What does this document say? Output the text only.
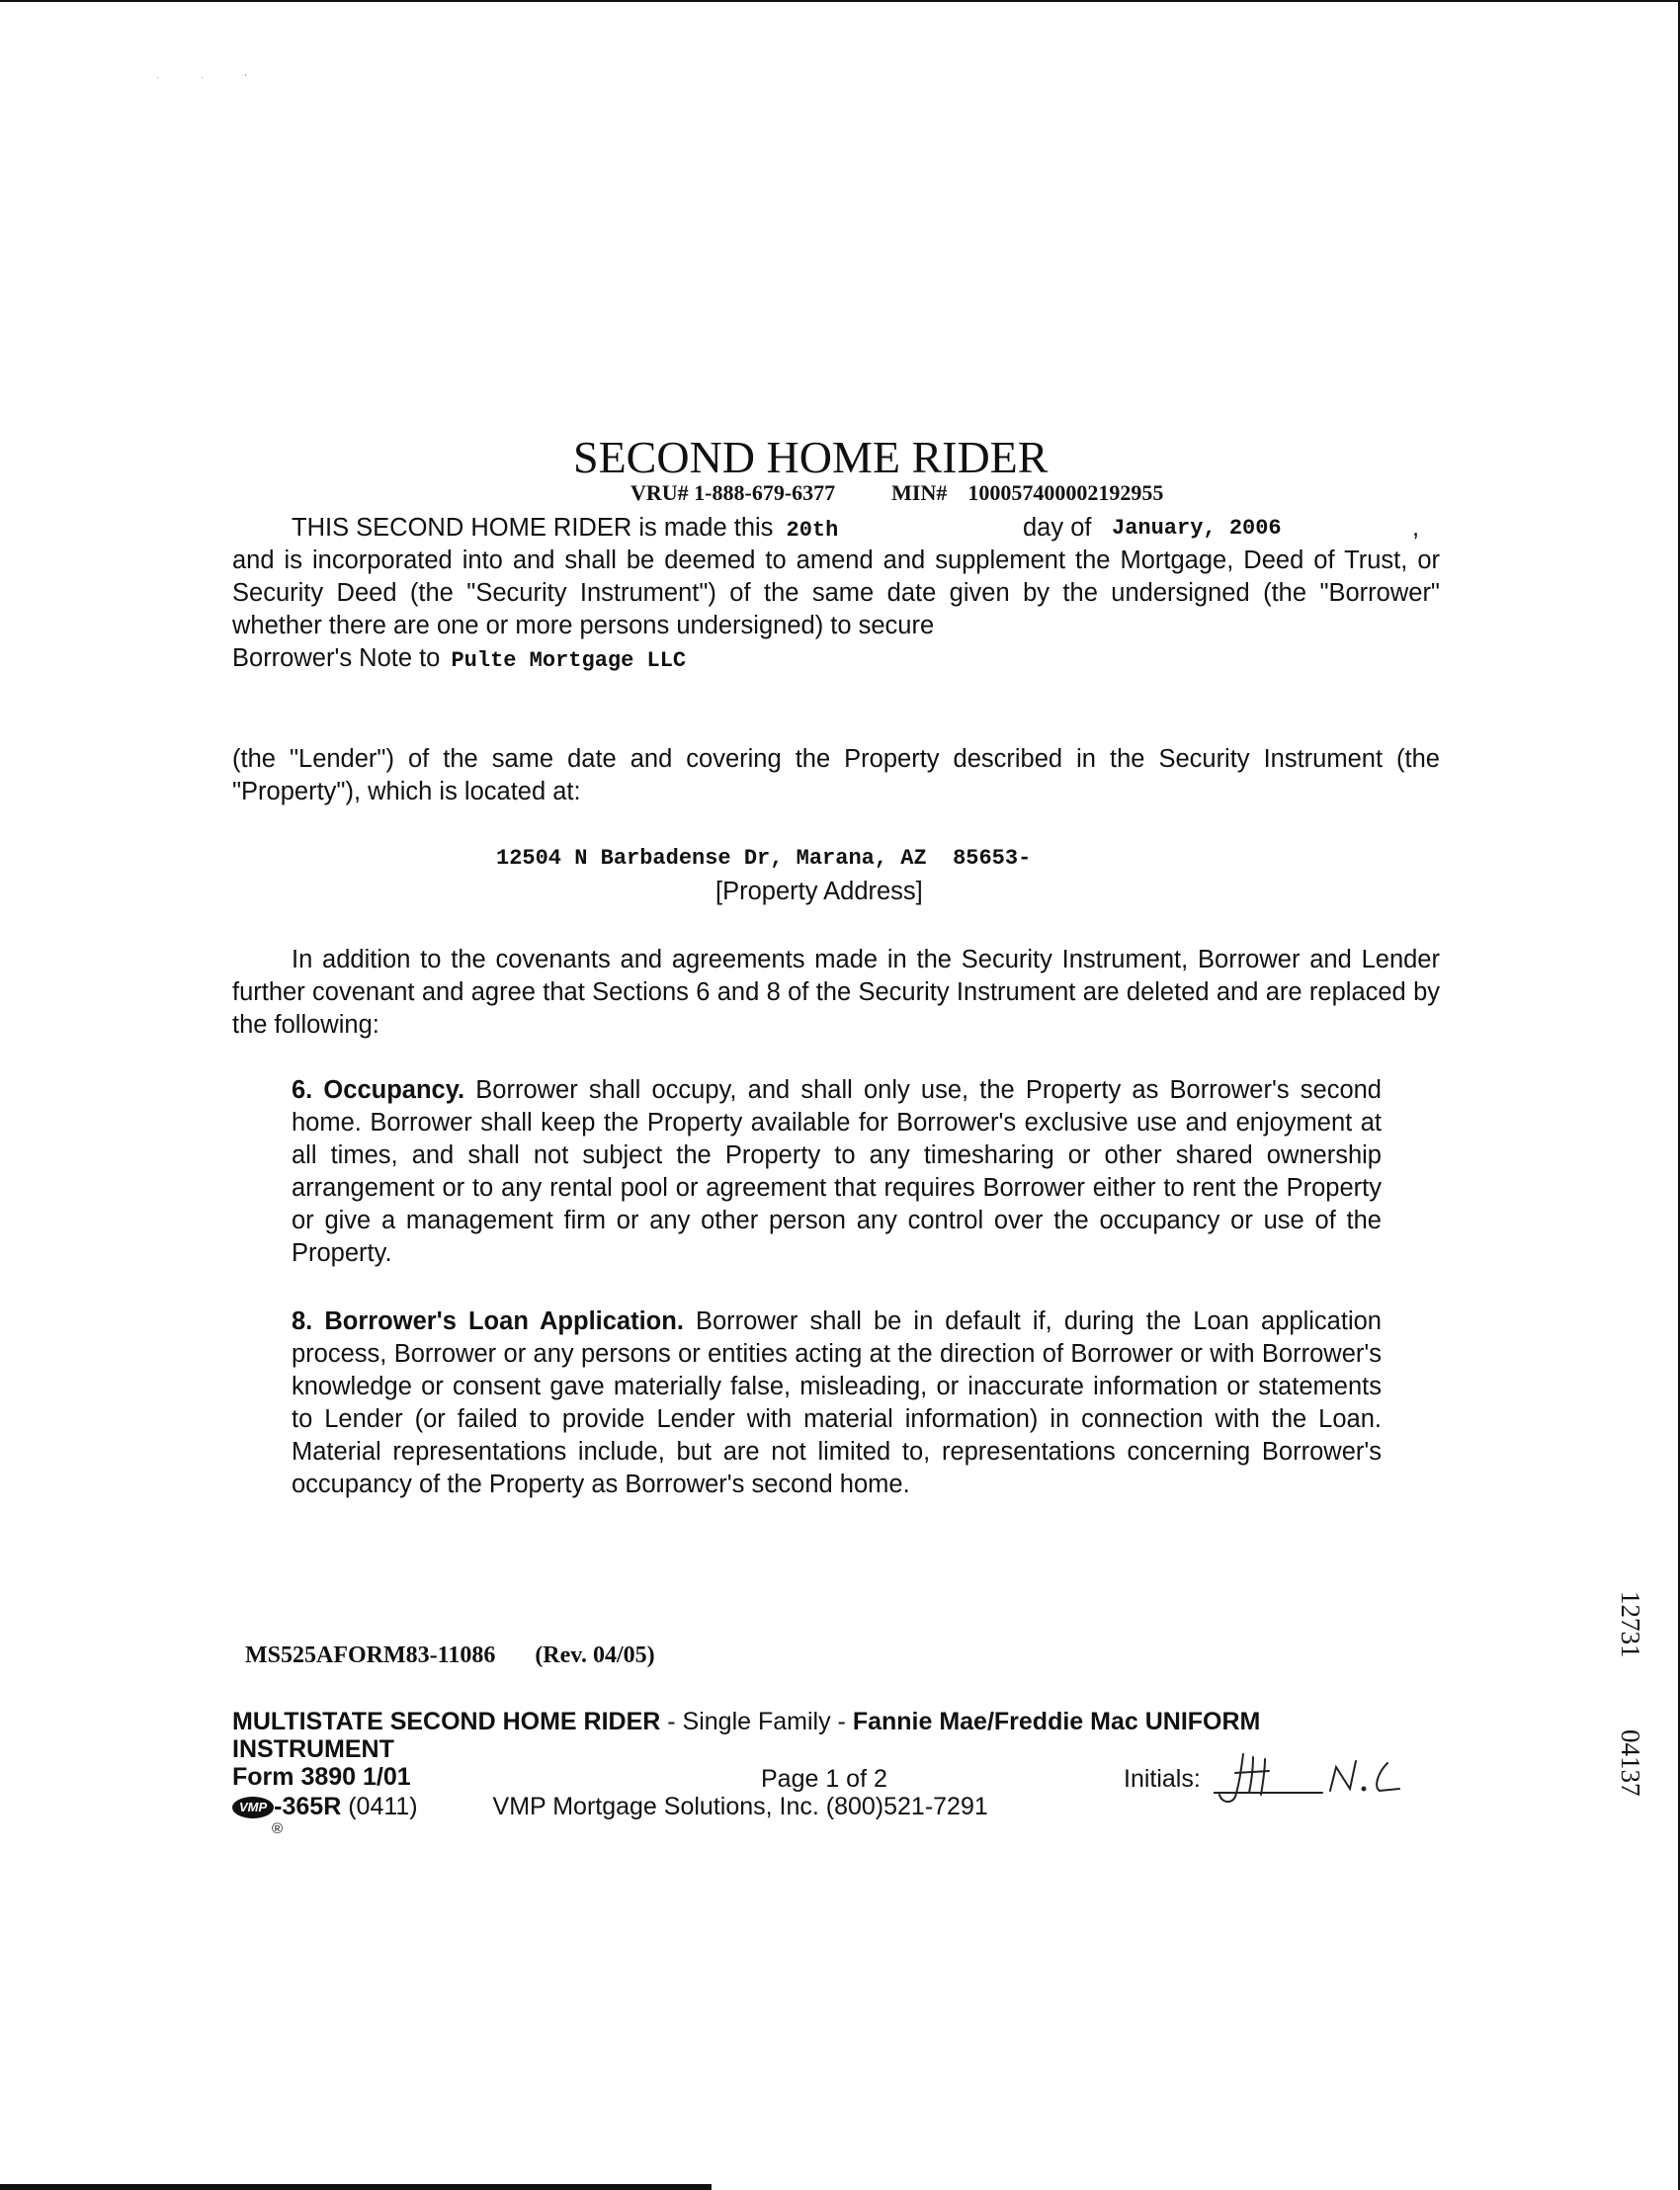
· · '
SECOND HOME RIDER
VRU# 1-888-679-6377	MIN# 100057400002192955
THIS SECOND HOME RIDER is made this 20th	day of January, 2006	,
and is incorporated into and shall be deemed to amend and supplement the Mortgage, Deed of Trust, or Security Deed (the "Security Instrument") of the same date given by the undersigned (the "Borrower" whether there are one or more persons undersigned) to secure
Borrower's Note to Pulte Mortgage LLC
(the "Lender") of the same date and covering the Property described in the Security Instrument (the "Property"), which is located at:
12504 N Barbadense Dr, Marana, AZ  85653-
[Property Address]
In addition to the covenants and agreements made in the Security Instrument, Borrower and Lender further covenant and agree that Sections 6 and 8 of the Security Instrument are deleted and are replaced by the following:
6. Occupancy. Borrower shall occupy, and shall only use, the Property as Borrower's second home. Borrower shall keep the Property available for Borrower's exclusive use and enjoyment at all times, and shall not subject the Property to any timesharing or other shared ownership arrangement or to any rental pool or agreement that requires Borrower either to rent the Property or give a management firm or any other person any control over the occupancy or use of the Property.
8. Borrower's Loan Application. Borrower shall be in default if, during the Loan application process, Borrower or any persons or entities acting at the direction of Borrower or with Borrower's knowledge or consent gave materially false, misleading, or inaccurate information or statements to Lender (or failed to provide Lender with material information) in connection with the Loan. Material representations include, but are not limited to, representations concerning Borrower's occupancy of the Property as Borrower's second home.
MS525AFORM83-11086 (Rev. 04/05)
MULTISTATE SECOND HOME RIDER - Single Family - Fannie Mae/Freddie Mac UNIFORM
INSTRUMENT
Form 3890 1/01	Page 1 of 2	Initials:
VMP -365R (0411)	VMP Mortgage Solutions, Inc. (800)521-7291
®
12731
04137
